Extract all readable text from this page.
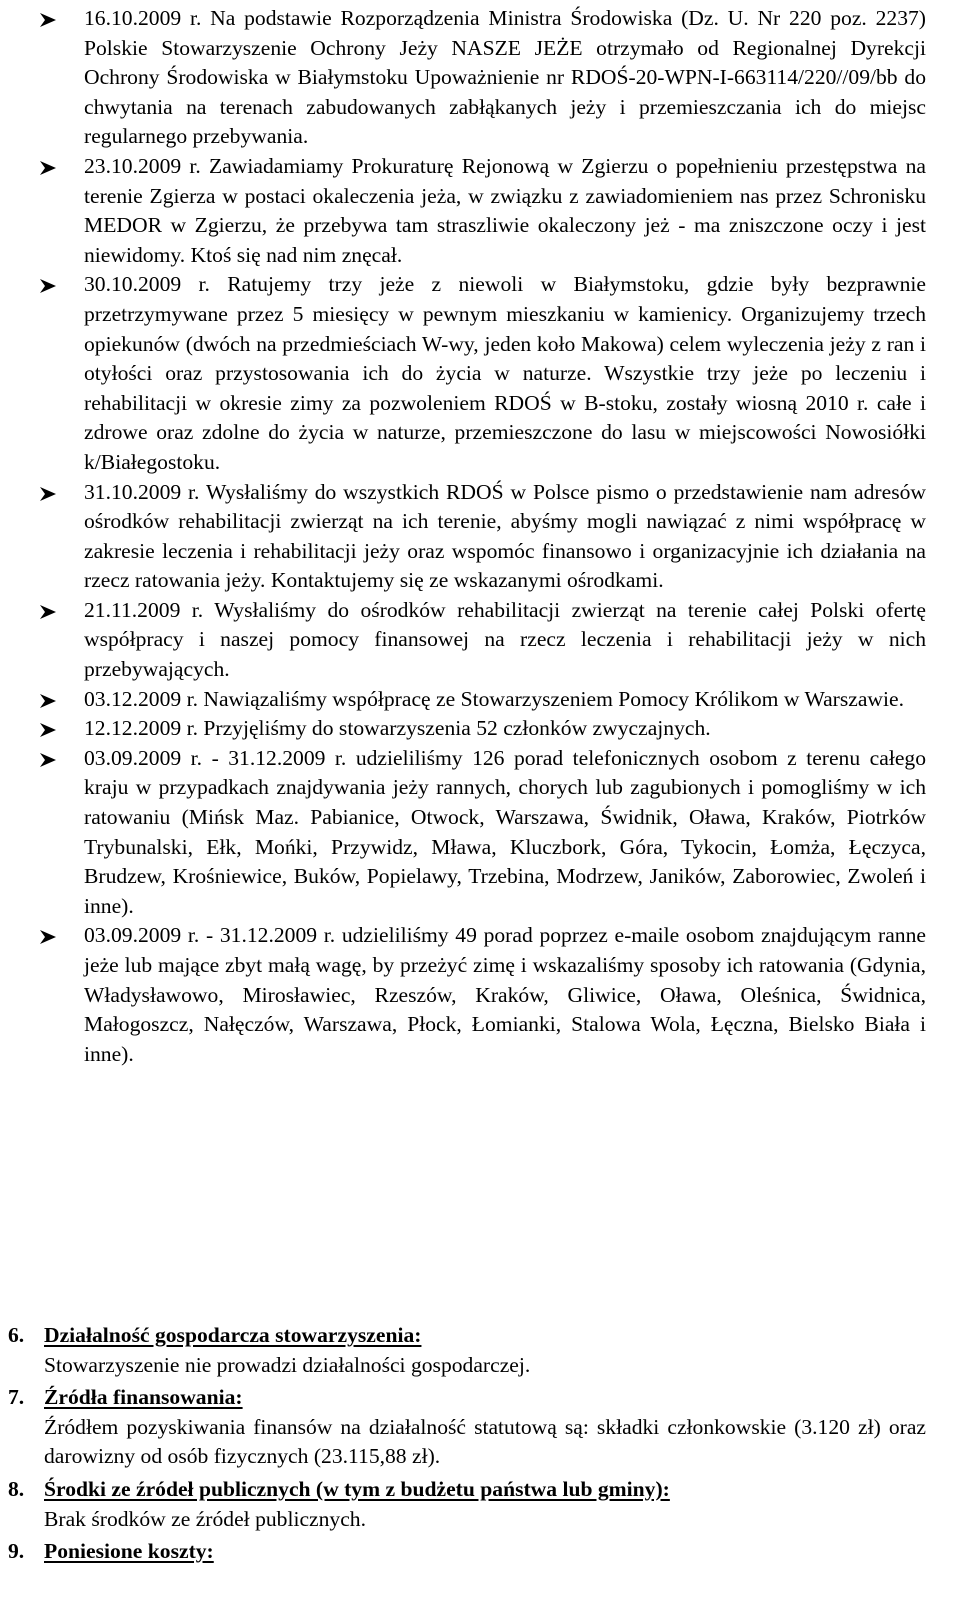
16.10.2009 r. Na podstawie Rozporządzenia Ministra Środowiska (Dz. U. Nr 220 poz. 2237) Polskie Stowarzyszenie Ochrony Jeży NASZE JEŻE otrzymało od Regionalnej Dyrekcji Ochrony Środowiska w Białymstoku Upoważnienie nr RDOŚ-20-WPN-I-663114/220//09/bb do chwytania na terenach zabudowanych zabłąkanych jeży i przemieszczania ich do miejsc regularnego przebywania.
23.10.2009 r. Zawiadamiamy Prokuraturę Rejonową w Zgierzu o popełnieniu przestępstwa na terenie Zgierza w postaci okaleczenia jeża, w związku z zawiadomieniem nas przez Schronisku MEDOR w Zgierzu, że przebywa tam straszliwie okaleczony jeż - ma zniszczone oczy i jest niewidomy. Ktoś się nad nim znęcał.
30.10.2009 r. Ratujemy trzy jeże z niewoli w Białymstoku, gdzie były bezprawnie przetrzymywane przez 5 miesięcy w pewnym mieszkaniu w kamienicy. Organizujemy trzech opiekunów (dwóch na przedmieściach W-wy, jeden koło Makowa) celem wyleczenia jeży z ran i otyłości oraz przystosowania ich do życia w naturze. Wszystkie trzy jeże po leczeniu i rehabilitacji w okresie zimy za pozwoleniem RDOŚ w B-stoku, zostały wiosną 2010 r. całe i zdrowe oraz zdolne do życia w naturze, przemieszczone do lasu w miejscowości Nowosiółki k/Białegostoku.
31.10.2009 r. Wysłaliśmy do wszystkich RDOŚ w Polsce pismo o przedstawienie nam adresów ośrodków rehabilitacji zwierząt na ich terenie, abyśmy mogli nawiązać z nimi współpracę w zakresie leczenia i rehabilitacji jeży oraz wspomóc finansowo i organizacyjnie ich działania na rzecz ratowania jeży. Kontaktujemy się ze wskazanymi ośrodkami.
21.11.2009 r. Wysłaliśmy do ośrodków rehabilitacji zwierząt na terenie całej Polski ofertę współpracy i naszej pomocy finansowej na rzecz leczenia i rehabilitacji jeży w nich przebywających.
03.12.2009 r. Nawiązaliśmy współpracę ze Stowarzyszeniem Pomocy Królikom w Warszawie.
12.12.2009 r. Przyjęliśmy do stowarzyszenia 52 członków zwyczajnych.
03.09.2009 r. - 31.12.2009 r. udzieliliśmy 126 porad telefonicznych osobom z terenu całego kraju w przypadkach znajdywania jeży rannych, chorych lub zagubionych i pomogliśmy w ich ratowaniu (Mińsk Maz. Pabianice, Otwock, Warszawa, Świdnik, Oława, Kraków, Piotrków Trybunalski, Ełk, Mońki, Przywidz, Mława, Kluczbork, Góra, Tykocin, Łomża, Łęczyca, Brudzew, Krośniewice, Buków, Popielawy, Trzebina, Modrzew, Janików, Zaborowiec, Zwoleń i inne).
03.09.2009 r. - 31.12.2009 r. udzieliliśmy 49 porad poprzez e-maile osobom znajdującym ranne jeże lub mające zbyt małą wagę, by przeżyć zimę i wskazaliśmy sposoby ich ratowania (Gdynia, Władysławowo, Mirosławiec, Rzeszów, Kraków, Gliwice, Oława, Oleśnica, Świdnica, Małogoszcz, Nałęczów, Warszawa, Płock, Łomianki, Stalowa Wola, Łęczna, Bielsko Biała i inne).
6. Działalność gospodarcza stowarzyszenia:
Stowarzyszenie nie prowadzi działalności gospodarczej.
7. Źródła finansowania:
Źródłem pozyskiwania finansów na działalność statutową są: składki członkowskie (3.120 zł) oraz darowizny od osób fizycznych (23.115,88 zł).
8. Środki ze źródeł publicznych (w tym z budżetu państwa lub gminy):
Brak środków ze źródeł publicznych.
9. Poniesione koszty:
